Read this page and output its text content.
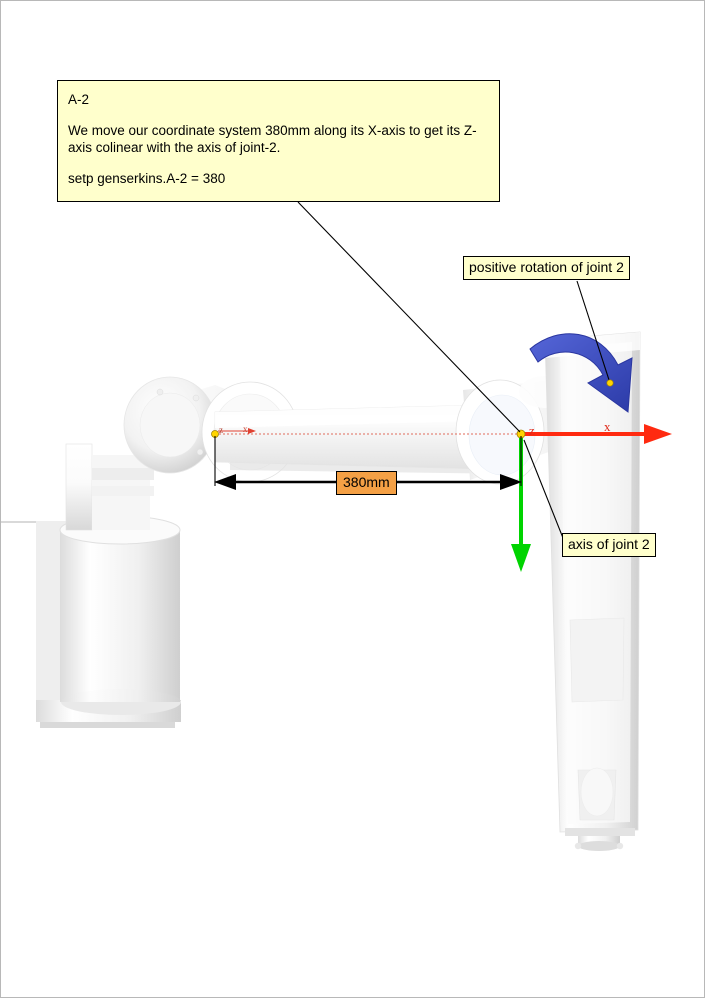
A-2

We move our coordinate system 380mm along its X-axis to get its Z-axis colinear with the axis of joint-2.

setp genserkins.A-2 = 380

positive rotation of joint 2
axis of joint 2
380mm
z x	z	x
